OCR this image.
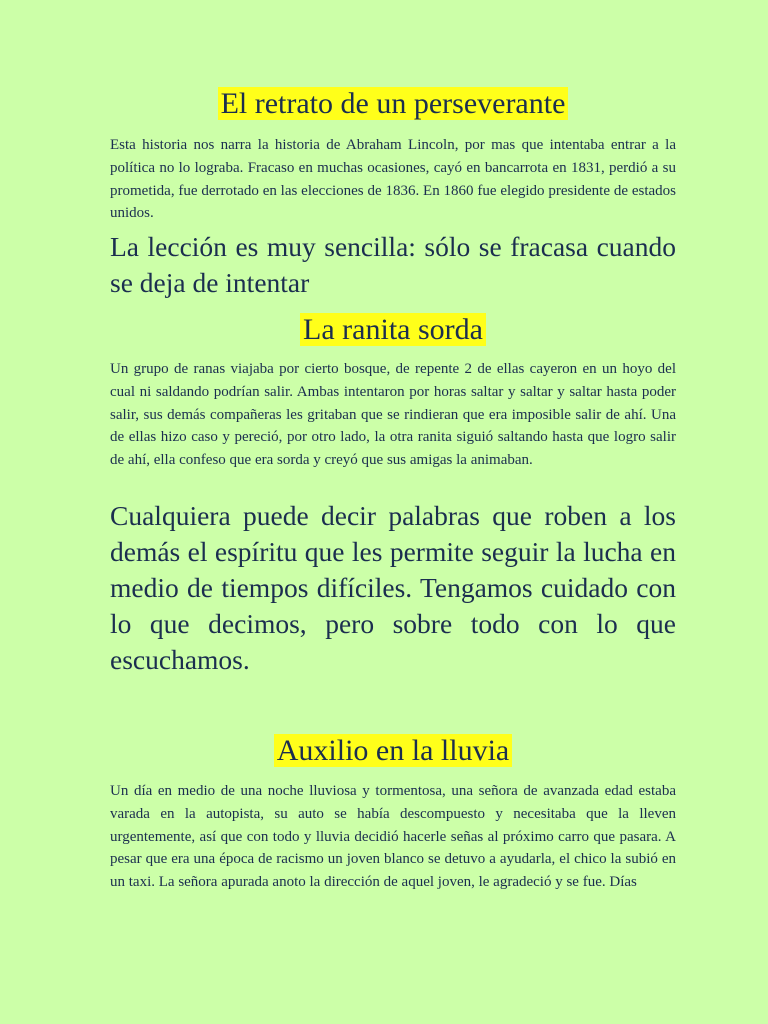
El retrato de un perseverante

Esta historia nos narra la historia de Abraham Lincoln, por mas que intentaba entrar a la política no lo lograba. Fracaso en muchas ocasiones, cayó en bancarrota en 1831, perdió a su prometida, fue derrotado en las elecciones de 1836. En 1860 fue elegido presidente de estados unidos.

La lección es muy sencilla: sólo se fracasa cuando se deja de intentar

La ranita sorda

Un grupo de ranas viajaba por cierto bosque, de repente 2 de ellas cayeron en un hoyo del cual ni saldando podrían salir. Ambas intentaron por horas saltar y saltar y saltar hasta poder salir, sus demás compañeras les gritaban que se rindieran que era imposible salir de ahí. Una de ellas hizo caso y pereció, por otro lado, la otra ranita siguió saltando hasta que logro salir de ahí, ella confeso que era sorda y creyó que sus amigas la animaban.

Cualquiera puede decir palabras que roben a los demás el espíritu que les permite seguir la lucha en medio de tiempos difíciles. Tengamos cuidado con lo que decimos, pero sobre todo con lo que escuchamos.

Auxilio en la lluvia

Un día en medio de una noche lluviosa y tormentosa, una señora de avanzada edad estaba varada en la autopista, su auto se había descompuesto y necesitaba que la lleven urgentemente, así que con todo y lluvia decidió hacerle señas al próximo carro que pasara. A pesar que era una época de racismo un joven blanco se detuvo a ayudarla, el chico la subió en un taxi. La señora apurada anoto la dirección de aquel joven, le agradeció y se fue. Días
